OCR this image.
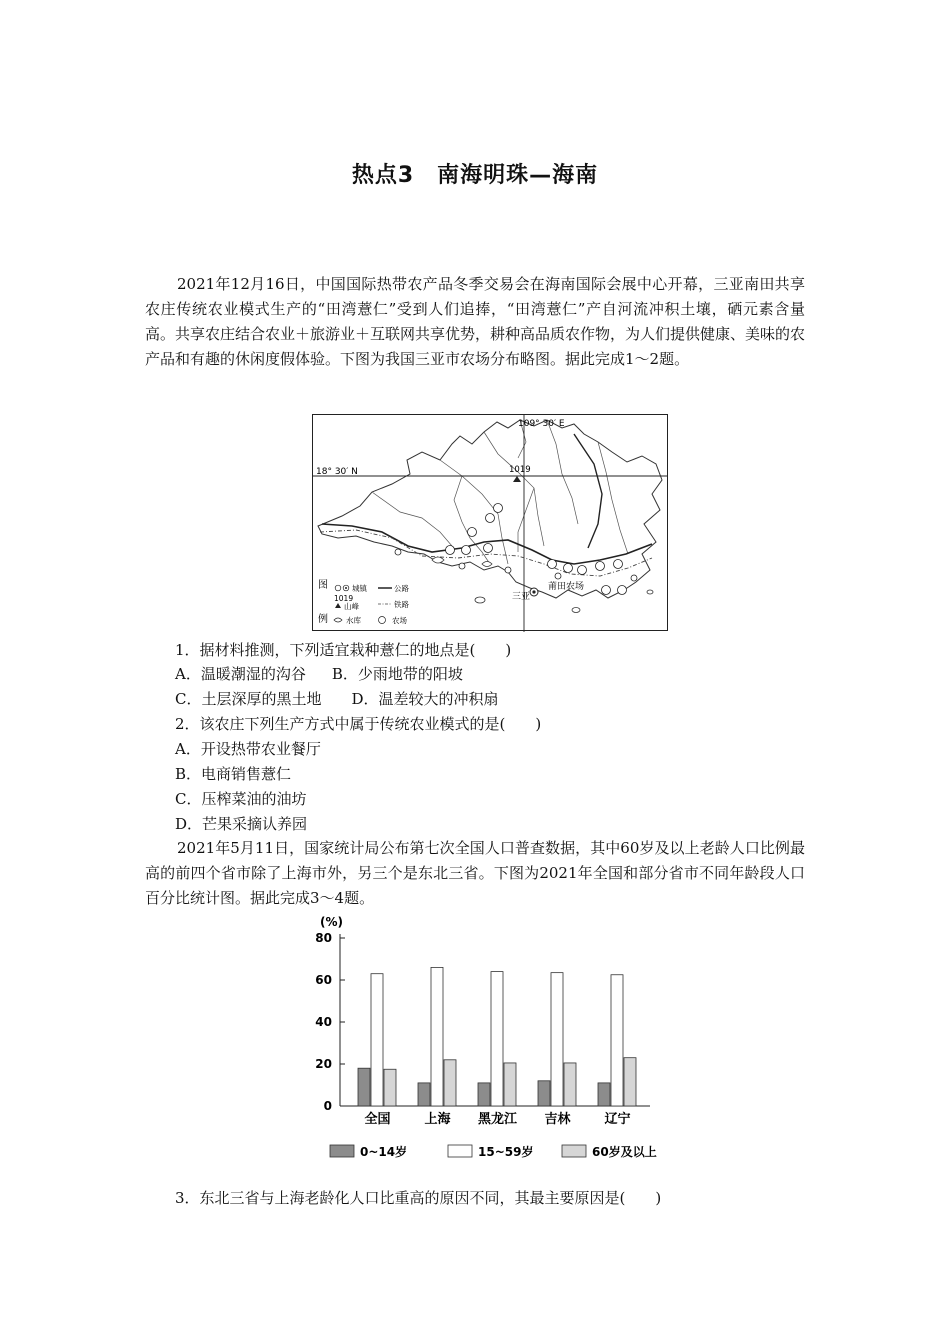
热点3　南海明珠—海南

2021年12月16日，中国国际热带农产品冬季交易会在海南国际会展中心开幕，三亚南田共享农庄传统农业模式生产的“田湾薏仁”受到人们追捧，“田湾薏仁”产自河流冲积土壤，硒元素含量高。共享农庄结合农业＋旅游业＋互联网共享优势，耕种高品质农作物，为人们提供健康、美味的农产品和有趣的休闲度假体验。下图为我国三亚市农场分布略图。据此完成1～2题。

109° 30′ E
18° 30′ N	1019
三亚
莆田农场
图
例
城镇	公路
1019
山峰	铁路
水库	农场
1．据材料推测，下列适宜栽种薏仁的地点是(　　)
A．温暖潮湿的沟谷 B．少雨地带的阳坡
C．土层深厚的黑土地 D．温差较大的冲积扇
2．该农庄下列生产方式中属于传统农业模式的是(　　)
A．开设热带农业餐厅
B．电商销售薏仁
C．压榨菜油的油坊
D．芒果采摘认养园

2021年5月11日，国家统计局公布第七次全国人口普查数据，其中60岁及以上老龄人口比例最高的前四个省市除了上海市外，另三个是东北三省。下图为2021年全国和部分省市不同年龄段人口百分比统计图。据此完成3～4题。

(%)
0
20
40
60
80
全国	上海 黑龙江 吉林	辽宁
0~14岁	15~59岁	60岁及以上
3．东北三省与上海老龄化人口比重高的原因不同，其最主要原因是(　　)
